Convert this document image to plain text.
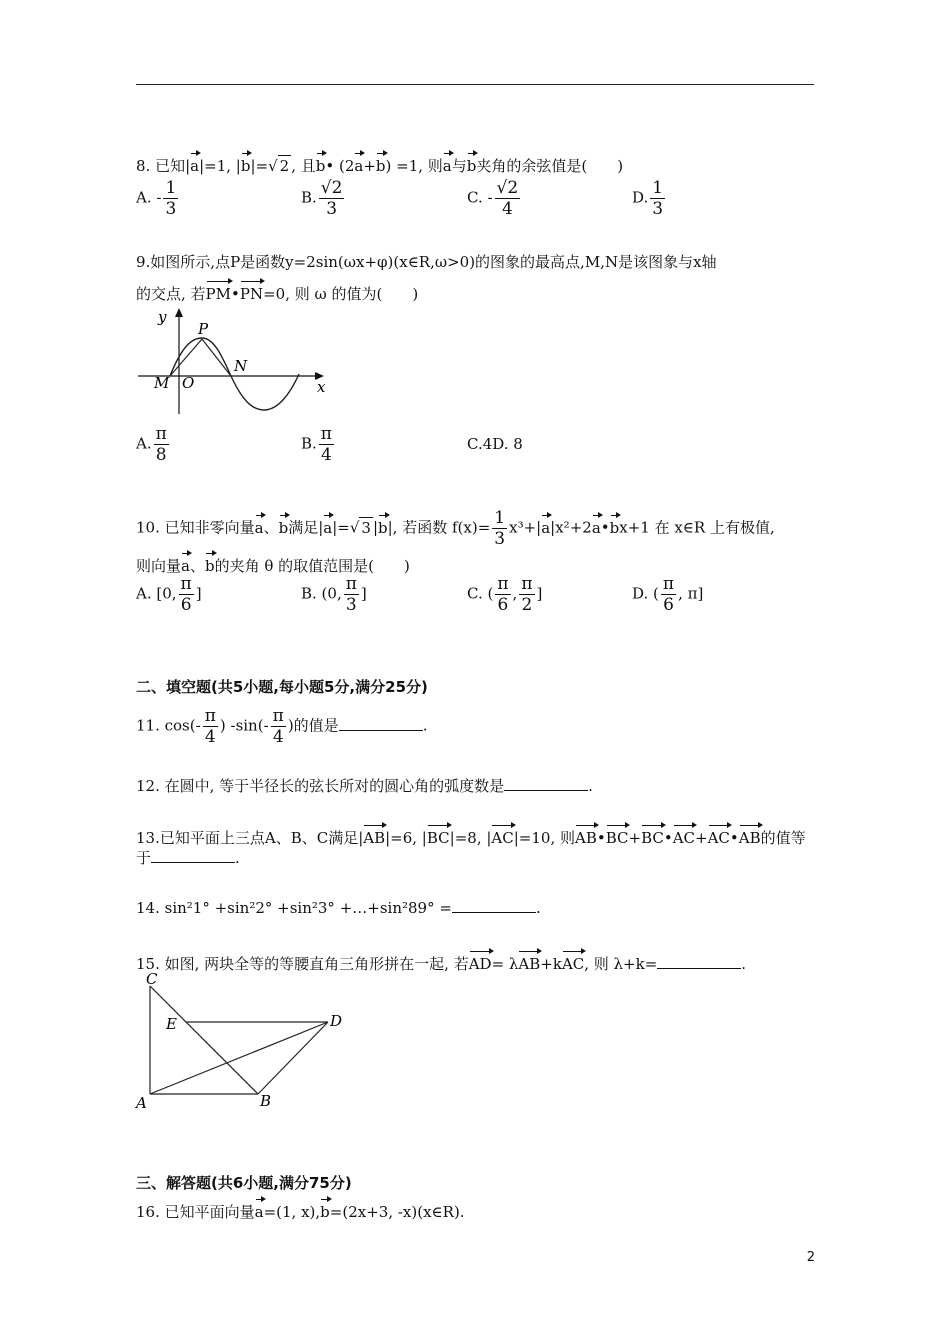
8. 已知|a|=1, |b|=√ 2 , 且b• (2a+b) =1, 则a与b夹角的余弦值是(　　)
A. - $\frac{1}{3}$	B. $\frac{√2}{3}$	C. - $\frac{√2}{4}$	D. $\frac{1}{3}$
9.如图所示,点P是函数y=2sin(ωx+φ)(x∈R,ω>0)的图象的最高点,M,N是该图象与x轴
的交点, 若PM•PN=0, 则 ω 的值为(　　)
y
x
P
M O
N
A. $\frac{\pi}{8}$	B. $\frac{\pi}{4}$	C.4D. 8
10. 已知非零向量a、b满足|a|=√ 3 |b|, 若函数 $f(x)= \frac{1}{3}$ x³+|a|x²+2a•bx+1 在 x∈R 上有极值,
则向量a、b的夹角 θ 的取值范围是(　　)
A. [0, $\frac{\pi}{6}$ ]	B. (0, $\frac{\pi}{3}$ ]	C. ( $\frac{\pi}{6}$ , $\frac{\pi}{2}$ ]	D. ( $\frac{\pi}{6}$ , π]
二、填空题(共5小题,每小题5分,满分25分)
11. $\cos(- \frac{\pi}{4}$ ) $-\sin(- \frac{\pi}{4}$ )的值是	.
12. 在圆中, 等于半径长的弦长所对的圆心角的弧度数是	.
13.已知平面上三点A、B、C满足|AB|=6, |BC|=8, |AC|=10, 则AB•BC+BC•AC+AC•AB的值等
于	.
14. sin²1° +sin²2° +sin²3° +…+sin²89° =	.
15. 如图, 两块全等的等腰直角三角形拼在一起, 若AD= λAB+kAC, 则 λ+k=	.
C
E	D
A	B
三、解答题(共6小题,满分75分)
16. 已知平面向量a=(1, x),b=(2x+3, -x)(x∈R).
2
